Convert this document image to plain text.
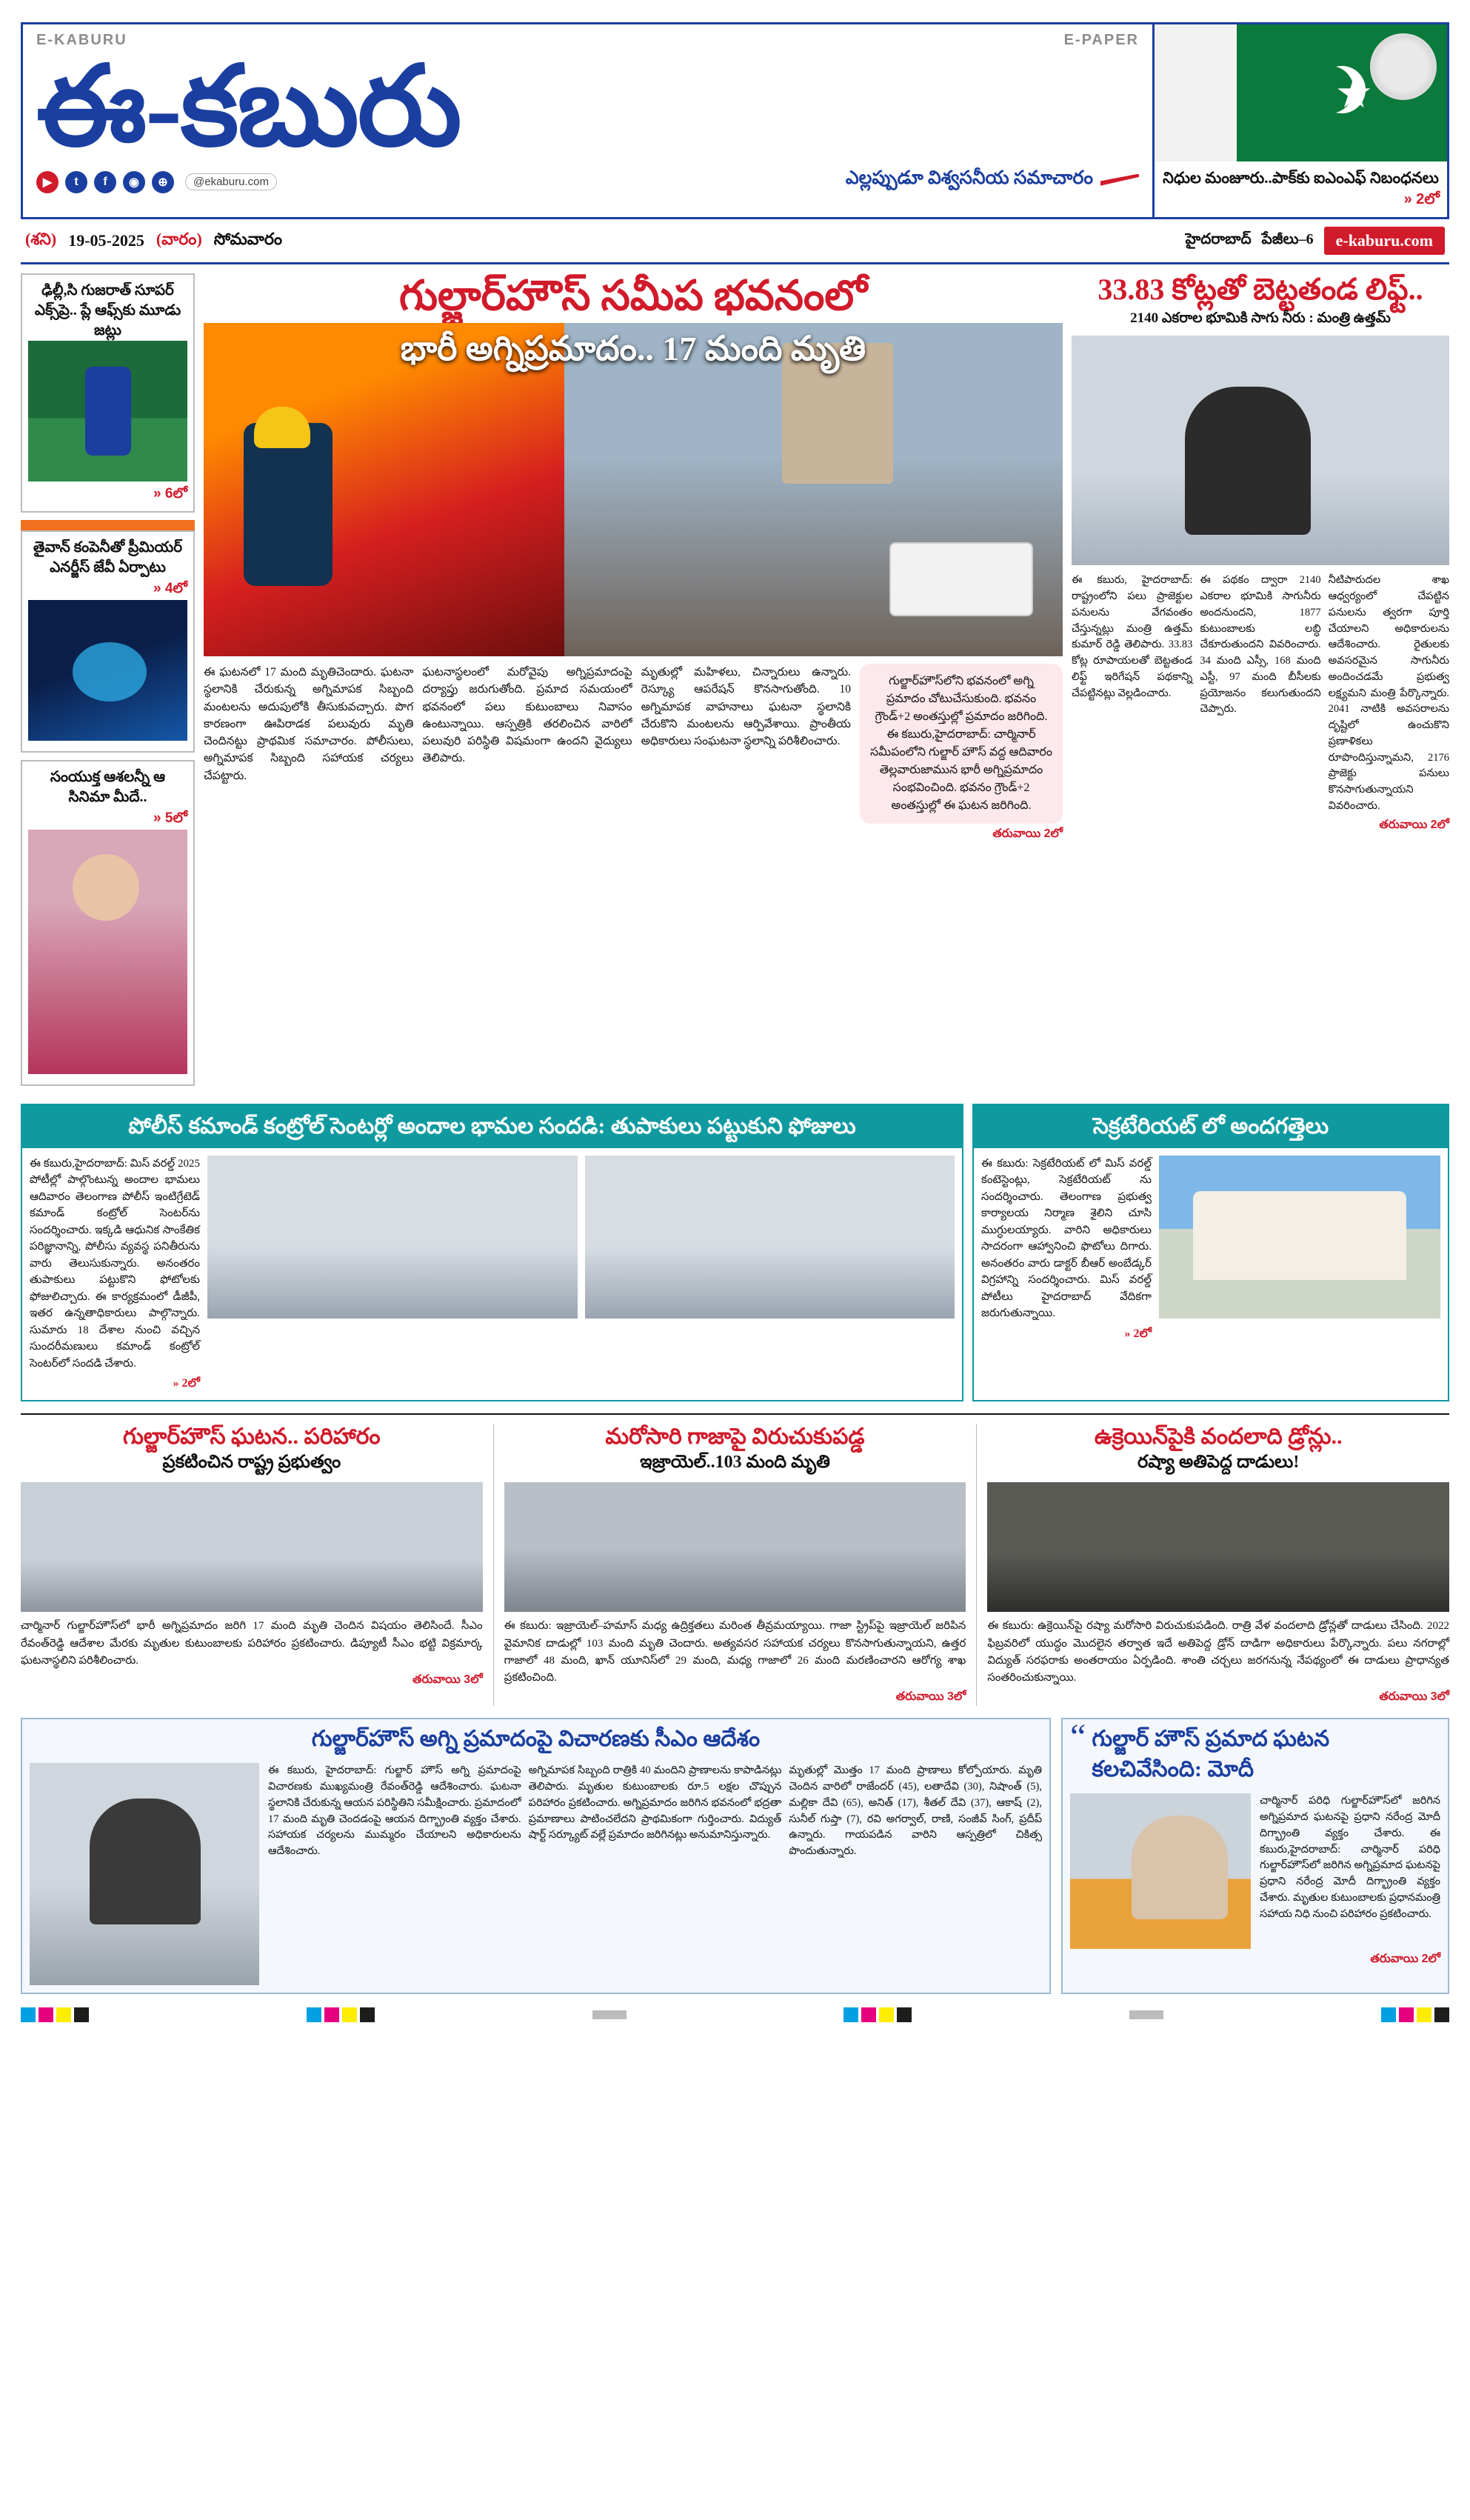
E-KABURU	E-PAPER
ఈ-కబురు
▶	t	f	◉	⊕	@ekaburu.com	ఎల్లప్పుడూ విశ్వసనీయ సమాచారం	నిధుల మంజూరు..పాక్‌కు ఐఎంఎఫ్ నిబంధనలు
» 2లో
(శని) 19-05-2025 (వారం) సోమవారం	హైదరాబాద్ పేజీలు–6	e-kaburu.com
ఢిల్లీ,సి గుజరాత్ సూపర్ ఎక్స్‌ప్రె.. ప్లే ఆఫ్స్‌కు మూడు జట్లు
» 6లో
తైవాన్ కంపెనీతో ప్రీమియర్ ఎనర్జీస్ జేవీ ఏర్పాటు
» 4లో
సంయుక్త ఆశలన్నీ ఆ సినిమా మీదే..
» 5లో
గుల్జార్‌హౌస్ సమీప భవనంలో
భారీ అగ్నిప్రమాదం.. 17 మంది మృతి
ఈ ఘటనలో 17 మంది మృతిచెందారు. ఘటనా స్థలానికి చేరుకున్న అగ్నిమాపక సిబ్బంది మంటలను అదుపులోకి తీసుకువచ్చారు. పొగ కారణంగా ఊపిరాడక పలువురు మృతి చెందినట్టు ప్రాథమిక సమాచారం. పోలీసులు, అగ్నిమాపక సిబ్బంది సహాయక చర్యలు చేపట్టారు.
ఘటనాస్థలంలో మరోవైపు అగ్నిప్రమాదంపై దర్యాప్తు జరుగుతోంది. ప్రమాద సమయంలో భవనంలో పలు కుటుంబాలు నివాసం ఉంటున్నాయి. ఆస్పత్రికి తరలించిన వారిలో పలువురి పరిస్థితి విషమంగా ఉందని వైద్యులు తెలిపారు.
మృతుల్లో మహిళలు, చిన్నారులు ఉన్నారు. రెస్క్యూ ఆపరేషన్ కొనసాగుతోంది. 10 అగ్నిమాపక వాహనాలు ఘటనా స్థలానికి చేరుకొని మంటలను ఆర్పివేశాయి. ప్రాంతీయ అధికారులు సంఘటనా స్థలాన్ని పరిశీలించారు.
గుల్జార్‌హౌస్‌లోని భవనంలో అగ్ని ప్రమాదం చోటుచేసుకుంది. భవనం గ్రౌండ్+2 అంతస్తుల్లో ప్రమాదం జరిగింది. ఈ కబురు,హైదరాబాద్: చార్మినార్ సమీపంలోని గుల్జార్ హౌస్ వద్ద ఆదివారం తెల్లవారుజామున భారీ అగ్నిప్రమాదం సంభవించింది. భవనం గ్రౌండ్+2 అంతస్తుల్లో ఈ ఘటన జరిగింది.
తరువాయి 2లో
33.83 కోట్లతో బెట్టతండ లిఫ్ట్..
2140 ఎకరాల భూమికి సాగు నీరు : మంత్రి ఉత్తమ్
ఈ కబురు, హైదరాబాద్: రాష్ట్రంలోని పలు ప్రాజెక్టుల పనులను వేగవంతం చేస్తున్నట్లు మంత్రి ఉత్తమ్ కుమార్ రెడ్డి తెలిపారు. 33.83 కోట్ల రూపాయలతో బెట్టతండ లిఫ్ట్ ఇరిగేషన్ పథకాన్ని చేపట్టినట్లు వెల్లడించారు.
ఈ పథకం ద్వారా 2140 ఎకరాల భూమికి సాగునీరు అందనుందని, 1877 కుటుంబాలకు లబ్ధి చేకూరుతుందని వివరించారు. 34 మంది ఎస్సీ, 168 మంది ఎస్టీ, 97 మంది బీసీలకు ప్రయోజనం కలుగుతుందని చెప్పారు.
నీటిపారుదల శాఖ ఆధ్వర్యంలో చేపట్టిన పనులను త్వరగా పూర్తి చేయాలని అధికారులను ఆదేశించారు. రైతులకు అవసరమైన సాగునీరు అందించడమే ప్రభుత్వ లక్ష్యమని మంత్రి పేర్కొన్నారు. 2041 నాటికి అవసరాలను దృష్టిలో ఉంచుకొని ప్రణాళికలు రూపొందిస్తున్నామని, 2176 ప్రాజెక్టు పనులు కొనసాగుతున్నాయని వివరించారు.
తరువాయి 2లో
పోలీస్ కమాండ్ కంట్రోల్ సెంటర్లో అందాల భామల సందడి: తుపాకులు పట్టుకుని ఫోజులు
ఈ కబురు,హైదరాబాద్: మిస్ వరల్డ్ 2025 పోటీల్లో పాల్గొంటున్న అందాల భామలు ఆదివారం తెలంగాణ పోలీస్ ఇంటిగ్రేటెడ్ కమాండ్ కంట్రోల్ సెంటర్‌ను సందర్శించారు. ఇక్కడి ఆధునిక సాంకేతిక పరిజ్ఞానాన్ని, పోలీసు వ్యవస్థ పనితీరును వారు తెలుసుకున్నారు. అనంతరం తుపాకులు పట్టుకొని ఫోటోలకు ఫోజులిచ్చారు. ఈ కార్యక్రమంలో డీజీపీ, ఇతర ఉన్నతాధికారులు పాల్గొన్నారు. సుమారు 18 దేశాల నుంచి వచ్చిన సుందరీమణులు కమాండ్ కంట్రోల్ సెంటర్‌లో సందడి చేశారు.
» 2లో
సెక్రటేరియట్ లో అందగత్తెలు
ఈ కబురు: సెక్రటేరియట్ లో మిస్ వరల్డ్ కంటెస్టెంట్లు, సెక్రటేరియట్ ను సందర్శించారు. తెలంగాణ ప్రభుత్వ కార్యాలయ నిర్మాణ శైలిని చూసి ముగ్ధులయ్యారు. వారిని అధికారులు సాదరంగా ఆహ్వానించి ఫొటోలు దిగారు. అనంతరం వారు డాక్టర్ బీఆర్ అంబేడ్కర్ విగ్రహాన్ని సందర్శించారు. మిస్ వరల్డ్ పోటీలు హైదరాబాద్ వేదికగా జరుగుతున్నాయి.
» 2లో
గుల్జార్‌హౌస్ ఘటన.. పరిహారం
ప్రకటించిన రాష్ట్ర ప్రభుత్వం
చార్మినార్ గుల్జార్‌హౌస్‌లో భారీ అగ్నిప్రమాదం జరిగి 17 మంది మృతి చెందిన విషయం తెలిసిందే. సీఎం రేవంత్‌రెడ్డి ఆదేశాల మేరకు మృతుల కుటుంబాలకు పరిహారం ప్రకటించారు. డిప్యూటీ సీఎం భట్టి విక్రమార్క ఘటనాస్థలిని పరిశీలించారు.
తరువాయి 3లో
మరోసారి గాజాపై విరుచుకుపడ్డ
ఇజ్రాయెల్..103 మంది మృతి
ఈ కబురు: ఇజ్రాయెల్–హమాస్ మధ్య ఉద్రిక్తతలు మరింత తీవ్రమయ్యాయి. గాజా స్ట్రిప్‌పై ఇజ్రాయెల్ జరిపిన వైమానిక దాడుల్లో 103 మంది మృతి చెందారు. అత్యవసర సహాయక చర్యలు కొనసాగుతున్నాయని, ఉత్తర గాజాలో 48 మంది, ఖాన్ యూనిస్‌లో 29 మంది, మధ్య గాజాలో 26 మంది మరణించారని ఆరోగ్య శాఖ ప్రకటించింది.
తరువాయి 3లో
ఉక్రెయిన్‌పైకి వందలాది డ్రోన్లు..
రష్యా అతిపెద్ద దాడులు!
ఈ కబురు: ఉక్రెయిన్‌పై రష్యా మరోసారి విరుచుకుపడింది. రాత్రి వేళ వందలాది డ్రోన్లతో దాడులు చేసింది. 2022 ఫిబ్రవరిలో యుద్ధం మొదలైన తర్వాత ఇదే అతిపెద్ద డ్రోన్ దాడిగా అధికారులు పేర్కొన్నారు. పలు నగరాల్లో విద్యుత్ సరఫరాకు అంతరాయం ఏర్పడింది. శాంతి చర్చలు జరగనున్న నేపథ్యంలో ఈ దాడులు ప్రాధాన్యత సంతరించుకున్నాయి.
తరువాయి 3లో
గుల్జార్‌హౌస్ అగ్ని ప్రమాదంపై విచారణకు సీఎం ఆదేశం
ఈ కబురు, హైదరాబాద్: గుల్జార్ హౌస్ అగ్ని ప్రమాదంపై విచారణకు ముఖ్యమంత్రి రేవంత్‌రెడ్డి ఆదేశించారు. ఘటనా స్థలానికి చేరుకున్న ఆయన పరిస్థితిని సమీక్షించారు. ప్రమాదంలో 17 మంది మృతి చెందడంపై ఆయన దిగ్భ్రాంతి వ్యక్తం చేశారు. సహాయక చర్యలను ముమ్మరం చేయాలని అధికారులను ఆదేశించారు.
అగ్నిమాపక సిబ్బంది రాత్రికి 40 మందిని ప్రాణాలను కాపాడినట్లు తెలిపారు. మృతుల కుటుంబాలకు రూ.5 లక్షల చొప్పున పరిహారం ప్రకటించారు. అగ్నిప్రమాదం జరిగిన భవనంలో భద్రతా ప్రమాణాలు పాటించలేదని ప్రాథమికంగా గుర్తించారు. విద్యుత్ షార్ట్ సర్క్యూట్ వల్లే ప్రమాదం జరిగినట్లు అనుమానిస్తున్నారు.
మృతుల్లో మొత్తం 17 మంది ప్రాణాలు కోల్పోయారు. మృతి చెందిన వారిలో రాజేందర్ (45), లతాదేవి (30), నిషాంత్ (5), మల్లికా దేవి (65), అనిత్ (17), శీతల్ దేవి (37), ఆకాష్ (2), సునీల్ గుప్తా (7), రవి అగర్వాల్, రాణి, సంజీవ్ సింగ్, ప్రదీప్ ఉన్నారు. గాయపడిన వారిని ఆస్పత్రిలో చికిత్స పొందుతున్నారు.
“ గుల్జార్ హౌస్ ప్రమాద ఘటన కలచివేసింది: మోదీ
చార్మినార్ పరిధి గుల్జార్‌హౌస్‌లో జరిగిన అగ్నిప్రమాద ఘటనపై ప్రధాని నరేంద్ర మోదీ దిగ్భ్రాంతి వ్యక్తం చేశారు. ఈ కబురు,హైదరాబాద్: చార్మినార్ పరిధి గుల్జార్‌హౌస్‌లో జరిగిన అగ్నిప్రమాద ఘటనపై ప్రధాని నరేంద్ర మోదీ దిగ్భ్రాంతి వ్యక్తం చేశారు. మృతుల కుటుంబాలకు ప్రధానమంత్రి సహాయ నిధి నుంచి పరిహారం ప్రకటించారు.
తరువాయి 2లో
